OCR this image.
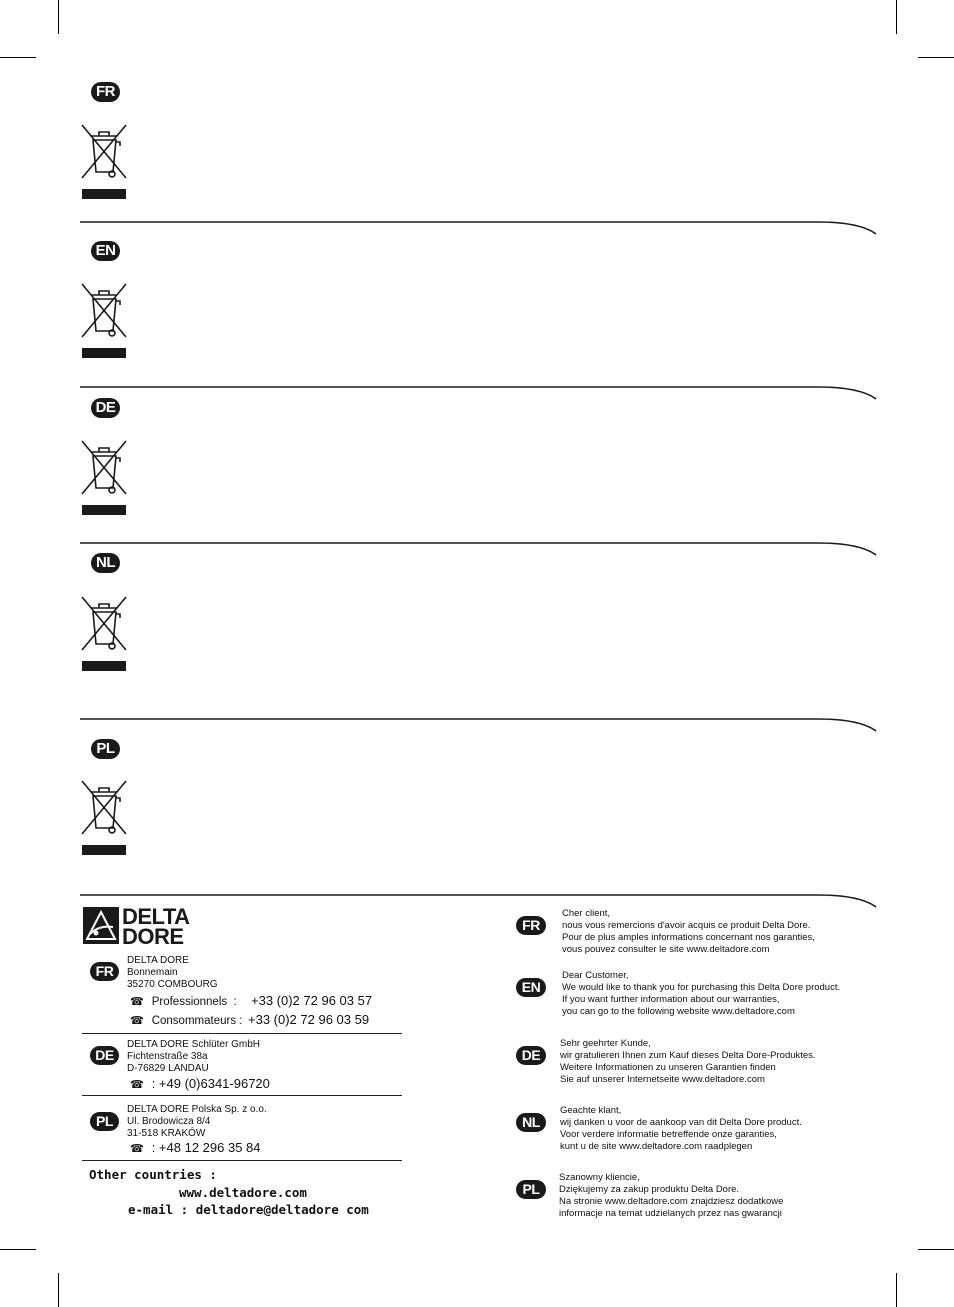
FR
EN
DE
NL
PL
DELTA
DORE
FR
DELTA DORE
Bonnemain
35270 COMBOURG
☎ Professionnels  : +33 (0)2 72 96 03 57
☎ Consommateurs : +33 (0)2 72 96 03 59
DE
DELTA DORE Schlüter GmbH
Fichtenstraße 38a
D-76829 LANDAU
☎ : +49 (0)6341-96720
PL
DELTA DORE Polska Sp. z o.o.
Ul. Brodowicza 8/4
31-518 KRAKÓW
☎ : +48 12 296 35 84
Other countries :
www.deltadore.com
e-mail : deltadore@deltadore com
FR
Cher client,
nous vous remercions d'avoir acquis ce produit Delta Dore.
Pour de plus amples informations concernant nos garanties,
vous pouvez consulter le site www.deltadore.com
EN
Dear Customer,
We would like to thank you for purchasing this Delta Dore product.
If you want further information about our warranties,
you can go to the following website www.deltadore.com
DE
Sehr geehrter Kunde,
wir gratulieren Ihnen zum Kauf dieses Delta Dore-Produktes.
Weitere Informationen zu unseren Garantien finden
Sie auf unserer Internetseite www.deltadore.com
NL
Geachte klant,
wij danken u voor de aankoop van dit Delta Dore product.
Voor verdere informatie betreffende onze garanties,
kunt u de site www.deltadore.com raadplegen
PL
Szanowny kliencie,
Dziękujemy za zakup produktu Delta Dore.
Na stronie www.deltadore.com znajdziesz dodatkowe
informacje na temat udzielanych przez nas gwarancji
